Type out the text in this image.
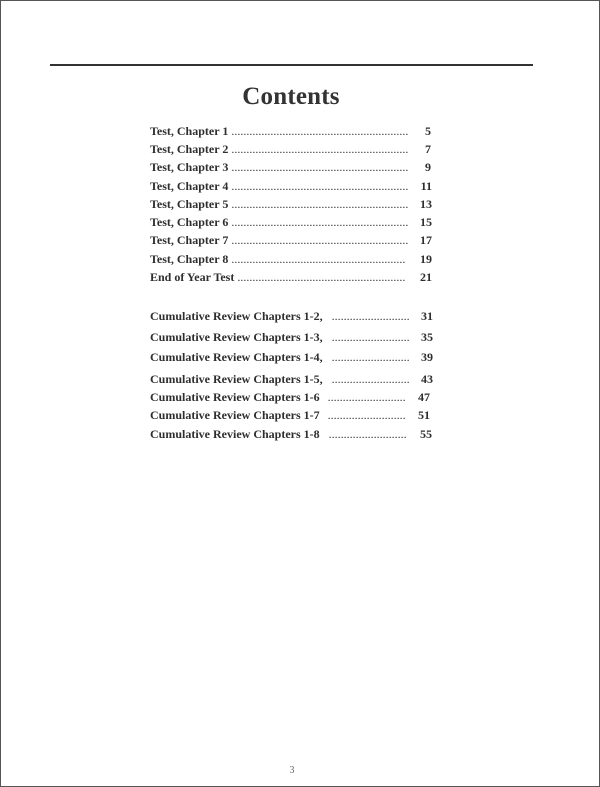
Contents
Test, Chapter 1 ...........................................................	5
Test, Chapter 2 ...........................................................	7
Test, Chapter 3 ...........................................................	9
Test, Chapter 4 ...........................................................	11
Test, Chapter 5 ........................................................... 13
Test, Chapter 6 ........................................................... 15
Test, Chapter 7 ........................................................... 17
Test, Chapter 8 ..........................................................	19
End of Year Test ........................................................	21
Cumulative Review Chapters 1-2, .......................... 31
Cumulative Review Chapters 1-3, .......................... 35
Cumulative Review Chapters 1-4, .......................... 39
Cumulative Review Chapters 1-5, .......................... 43
Cumulative Review Chapters 1-6 ..........................	47
Cumulative Review Chapters 1-7 ..........................	51
Cumulative Review Chapters 1-8 ..........................	55
3
